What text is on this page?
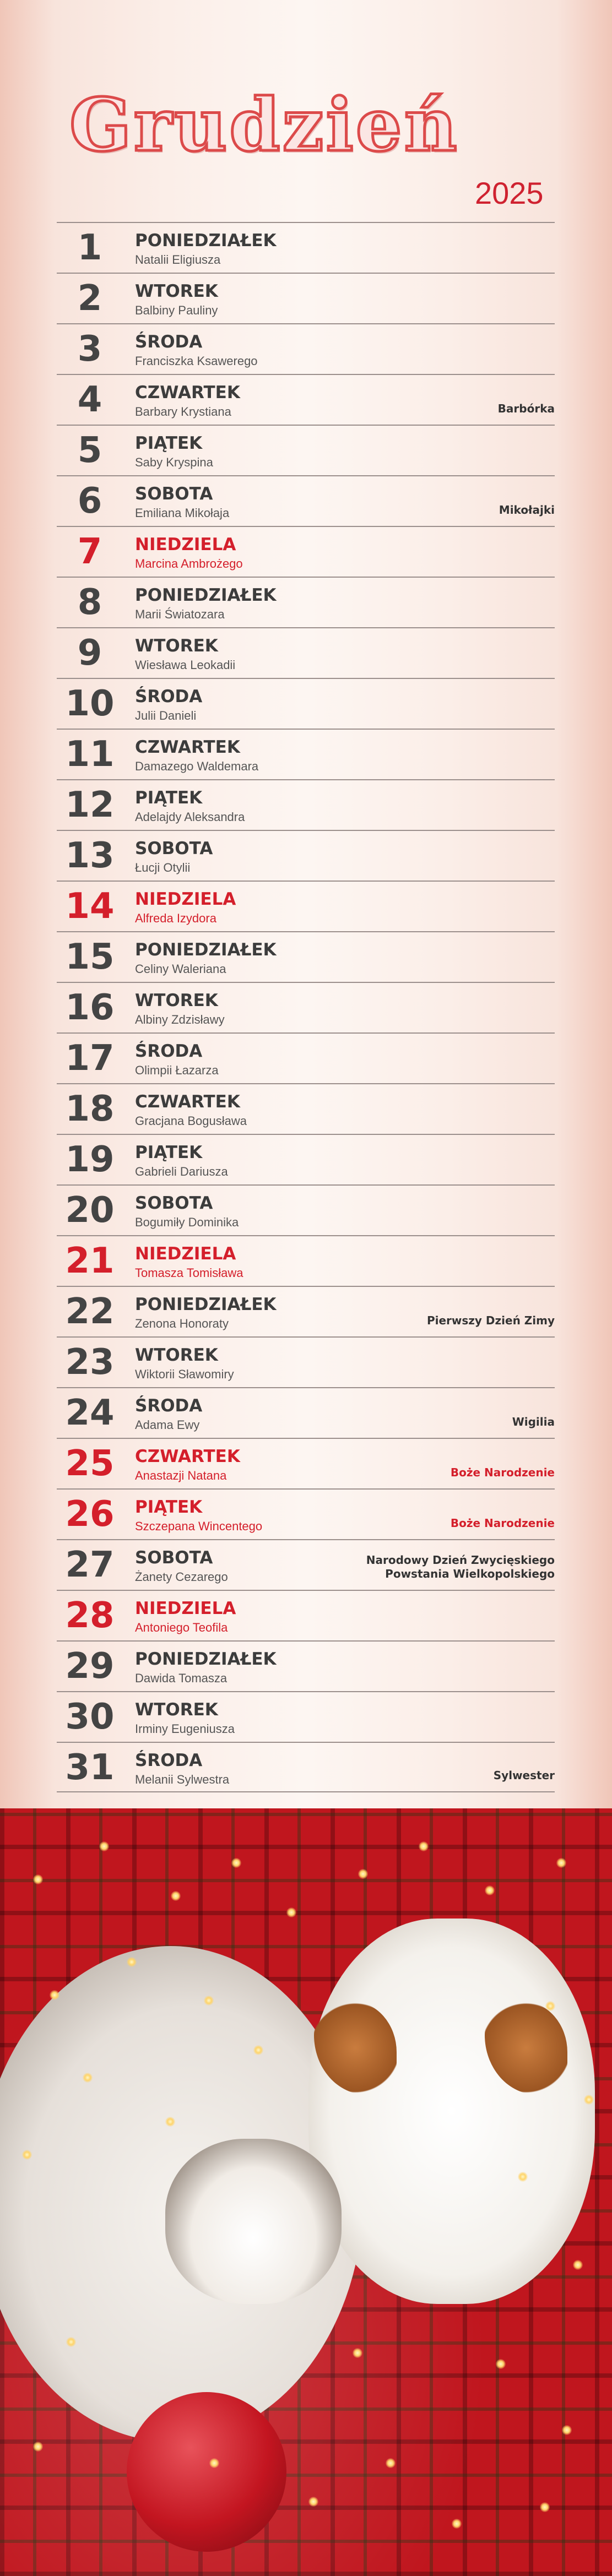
Grudzień
2025
1	PONIEDZIAŁEK
Natalii Eligiusza
2	WTOREK
Balbiny Pauliny
3	ŚRODA
Franciszka Ksawerego
4	CZWARTEK
Barbary Krystiana	Barbórka
5	PIĄTEK
Saby Kryspina
6	SOBOTA
Emiliana Mikołaja	Mikołajki
7	NIEDZIELA
Marcina Ambrożego
8	PONIEDZIAŁEK
Marii Światozara
9	WTOREK
Wiesława Leokadii
10	ŚRODA
Julii Danieli
11	CZWARTEK
Damazego Waldemara
12	PIĄTEK
Adelajdy Aleksandra
13	SOBOTA
Łucji Otylii
14	NIEDZIELA
Alfreda Izydora
15	PONIEDZIAŁEK
Celiny Waleriana
16	WTOREK
Albiny Zdzisławy
17	ŚRODA
Olimpii Łazarza
18	CZWARTEK
Gracjana Bogusława
19	PIĄTEK
Gabrieli Dariusza
20	SOBOTA
Bogumiły Dominika
21	NIEDZIELA
Tomasza Tomisława
22	PONIEDZIAŁEK
Zenona Honoraty	Pierwszy Dzień Zimy
23	WTOREK
Wiktorii Sławomiry
24	ŚRODA
Adama Ewy	Wigilia
25	CZWARTEK
Anastazji Natana	Boże Narodzenie
26	PIĄTEK
Szczepana Wincentego	Boże Narodzenie
27	SOBOTA
Żanety Cezarego
Narodowy Dzień Zwycięskiego
Powstania Wielkopolskiego
28	NIEDZIELA
Antoniego Teofila
29	PONIEDZIAŁEK
Dawida Tomasza
30	WTOREK
Irminy Eugeniusza
31	ŚRODA
Melanii Sylwestra	Sylwester
